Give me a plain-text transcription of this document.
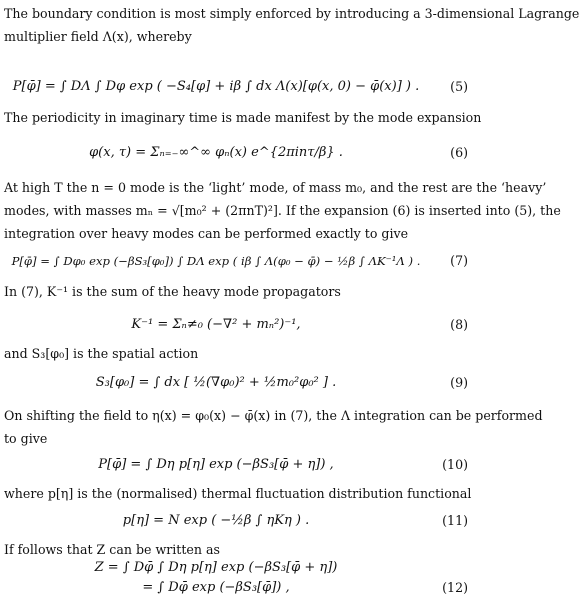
The boundary condition is most simply enforced by introducing a 3-dimensional Lagrange
multiplier field Λ(x), whereby

P[φ̄] = ∫ DΛ ∫ Dφ exp ( −S₄[φ] + iβ ∫ dx Λ(x)[φ(x, 0) − φ̄(x)] ) .	(5)

The periodicity in imaginary time is made manifest by the mode expansion

φ(x, τ) = Σₙ₌₋∞^∞ φₙ(x) e^{2πinτ/β} .	(6)

At high T the n = 0 mode is the ‘light’ mode, of mass m₀, and the rest are the ‘heavy’
modes, with masses mₙ = √[m₀² + (2πnT)²]. If the expansion (6) is inserted into (5), the
integration over heavy modes can be performed exactly to give

P[φ̄] = ∫ Dφ₀ exp (−βS₃[φ₀]) ∫ DΛ exp ( iβ ∫ Λ(φ₀ − φ̄) − ½β ∫ ΛK⁻¹Λ ) .	(7)

In (7), K⁻¹ is the sum of the heavy mode propagators

K⁻¹ = Σₙ≠₀ (−∇² + mₙ²)⁻¹,	(8)

and S₃[φ₀] is the spatial action

S₃[φ₀] = ∫ dx [ ½(∇φ₀)² + ½m₀²φ₀² ] .	(9)

On shifting the field to η(x) = φ₀(x) − φ̄(x) in (7), the Λ integration can be performed
to give

P[φ̄] = ∫ Dη p[η] exp (−βS₃[φ̄ + η]) ,	(10)

where p[η] is the (normalised) thermal fluctuation distribution functional

p[η] = N exp ( −½β ∫ ηKη ) .	(11)

If follows that Z can be written as

Z = ∫ Dφ̄ ∫ Dη p[η] exp (−βS₃[φ̄ + η])
= ∫ Dφ̄ exp (−βS₃[φ̄]) ,	(12)
